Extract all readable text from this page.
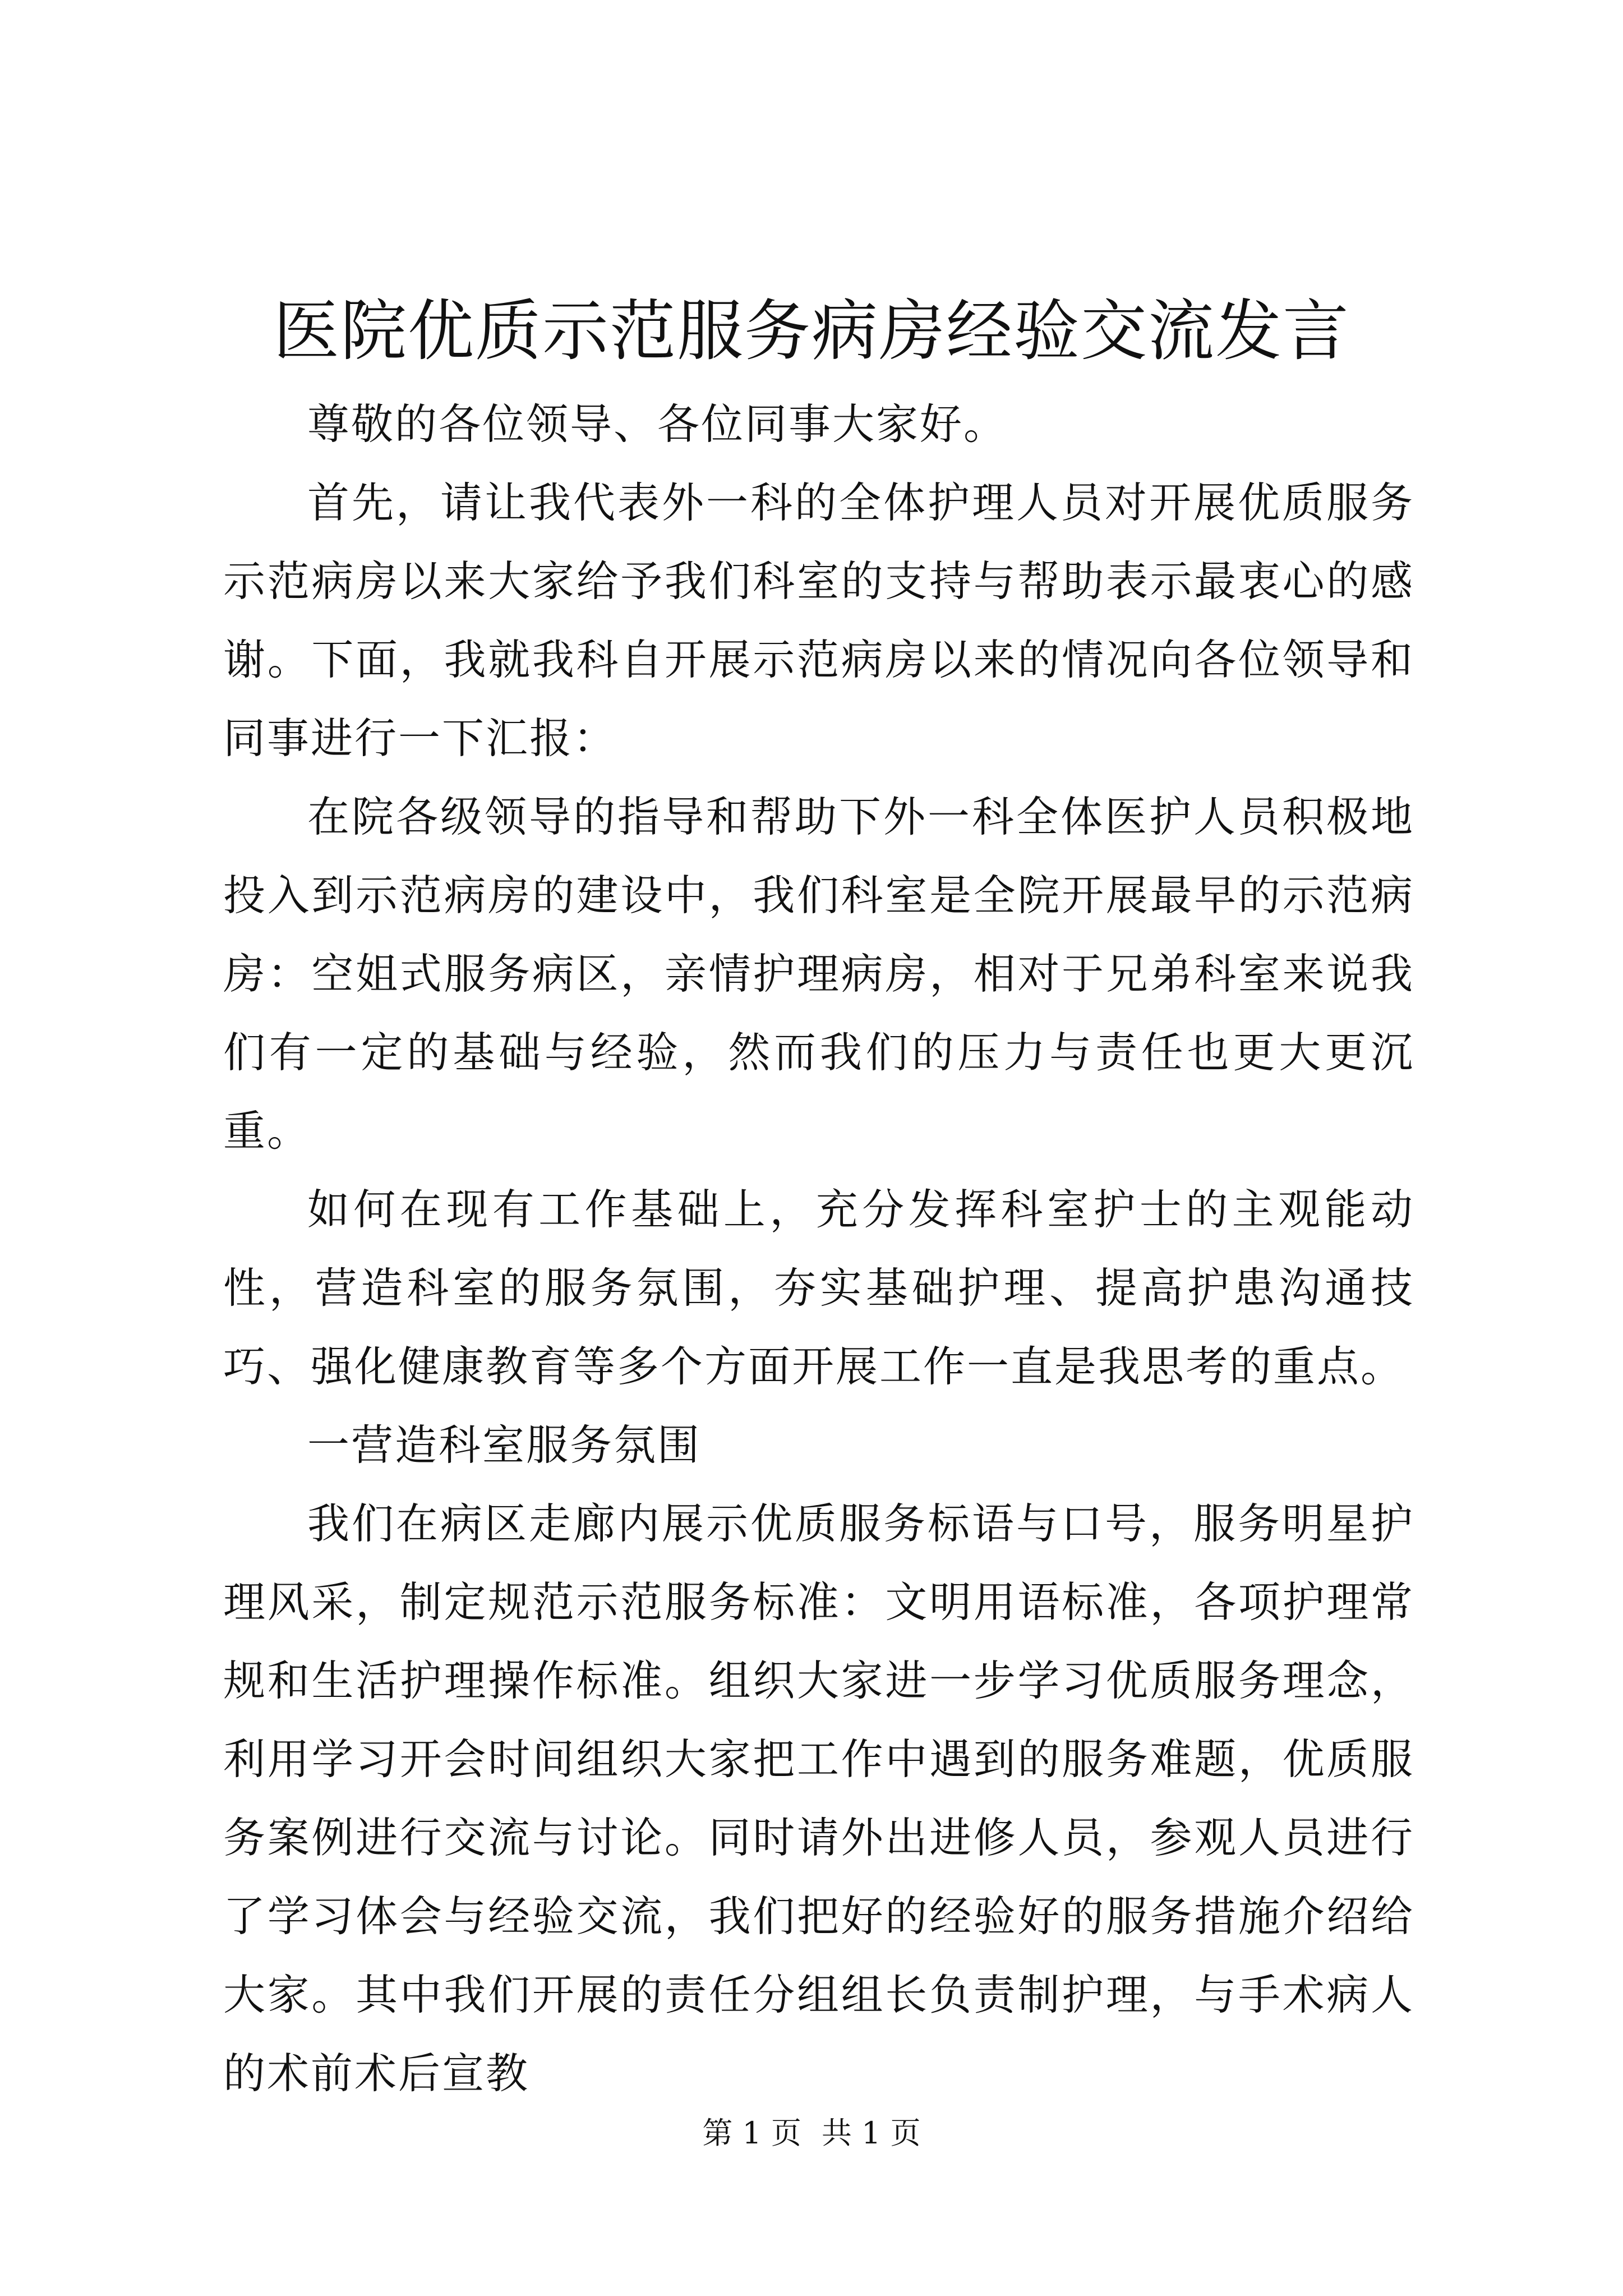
医院优质示范服务病房经验交流发言

尊敬的各位领导、各位同事大家好。

首先，请让我代表外一科的全体护理人员对开展优质服务示范病房以来大家给予我们科室的支持与帮助表示最衷心的感谢。下面，我就我科自开展示范病房以来的情况向各位领导和同事进行一下汇报：

在院各级领导的指导和帮助下外一科全体医护人员积极地投入到示范病房的建设中，我们科室是全院开展最早的示范病房：空姐式服务病区，亲情护理病房，相对于兄弟科室来说我们有一定的基础与经验，然而我们的压力与责任也更大更沉重。

如何在现有工作基础上，充分发挥科室护士的主观能动性，营造科室的服务氛围，夯实基础护理、提高护患沟通技巧、强化健康教育等多个方面开展工作一直是我思考的重点。

一营造科室服务氛围

我们在病区走廊内展示优质服务标语与口号，服务明星护理风采，制定规范示范服务标准：文明用语标准，各项护理常规和生活护理操作标准。组织大家进一步学习优质服务理念，利用学习开会时间组织大家把工作中遇到的服务难题，优质服务案例进行交流与讨论。同时请外出进修人员，参观人员进行了学习体会与经验交流，我们把好的经验好的服务措施介绍给大家。其中我们开展的责任分组组长负责制护理，与手术病人的术前术后宣教

第 1 页 共 1 页
